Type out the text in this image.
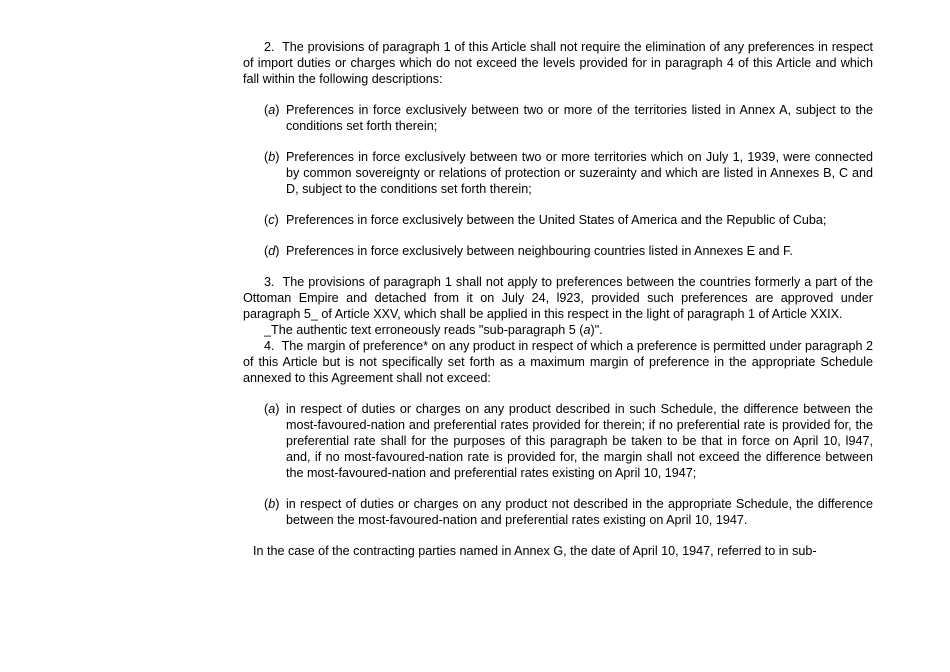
2. The provisions of paragraph 1 of this Article shall not require the elimination of any preferences in respect of import duties or charges which do not exceed the levels provided for in paragraph 4 of this Article and which fall within the following descriptions:

(a) Preferences in force exclusively between two or more of the territories listed in Annex A, subject to the conditions set forth therein;
(b) Preferences in force exclusively between two or more territories which on July 1, 1939, were connected by common sovereignty or relations of protection or suzerainty and which are listed in Annexes B, C and D, subject to the conditions set forth therein;
(c) Preferences in force exclusively between the United States of America and the Republic of Cuba;
(d) Preferences in force exclusively between neighbouring countries listed in Annexes E and F.

3. The provisions of paragraph 1 shall not apply to preferences between the countries formerly a part of the Ottoman Empire and detached from it on July 24, l923, provided such preferences are approved under paragraph 5_ of Article XXV, which shall be applied in this respect in the light of paragraph 1 of Article XXIX.

_The authentic text erroneously reads "sub-paragraph 5 (a)".

4. The margin of preference* on any product in respect of which a preference is permitted under paragraph 2 of this Article but is not specifically set forth as a maximum margin of preference in the appropriate Schedule annexed to this Agreement shall not exceed:

(a) in respect of duties or charges on any product described in such Schedule, the difference between the most-favoured-nation and preferential rates provided for therein; if no preferential rate is provided for, the preferential rate shall for the purposes of this paragraph be taken to be that in force on April 10, l947, and, if no most-favoured-nation rate is provided for, the margin shall not exceed the difference between the most-favoured-nation and preferential rates existing on April 10, 1947;
(b) in respect of duties or charges on any product not described in the appropriate Schedule, the difference between the most-favoured-nation and preferential rates existing on April 10, 1947.

In the case of the contracting parties named in Annex G, the date of April 10, 1947, referred to in sub-
